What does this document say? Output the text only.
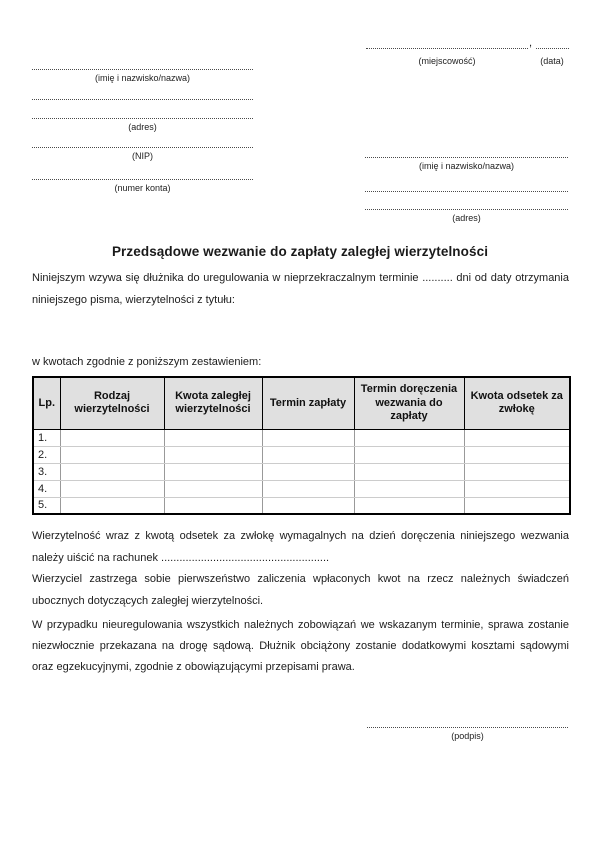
,
(miejscowość)	(data)
(imię i nazwisko/nazwa)
(adres)
(NIP)
(numer konta)
(imię i nazwisko/nazwa)
(adres)
Przedsądowe wezwanie do zapłaty zaległej wierzytelności
Niniejszym wzywa się dłużnika do uregulowania w nieprzekraczalnym terminie .......... dni od daty otrzymania niniejszego pisma, wierzytelności z tytułu:
w kwotach zgodnie z poniższym zestawieniem:
Lp.	Rodzaj wierzytelności	Kwota zaległej wierzytelności	Termin zapłaty	Termin doręczenia wezwania do zapłaty	Kwota odsetek za zwłokę
1.					
2.					
3.					
4.					
5.					

Wierzytelność wraz z kwotą odsetek za zwłokę wymagalnych na dzień doręczenia niniejszego wezwania należy uiścić na rachunek .......................................................

Wierzyciel zastrzega sobie pierwszeństwo zaliczenia wpłaconych kwot na rzecz należnych świadczeń ubocznych dotyczących zaległej wierzytelności.

W przypadku nieuregulowania wszystkich należnych zobowiązań we wskazanym terminie, sprawa zostanie niezwłocznie przekazana na drogę sądową. Dłużnik obciążony zostanie dodatkowymi kosztami sądowymi oraz egzekucyjnymi, zgodnie z obowiązującymi przepisami prawa.
(podpis)
